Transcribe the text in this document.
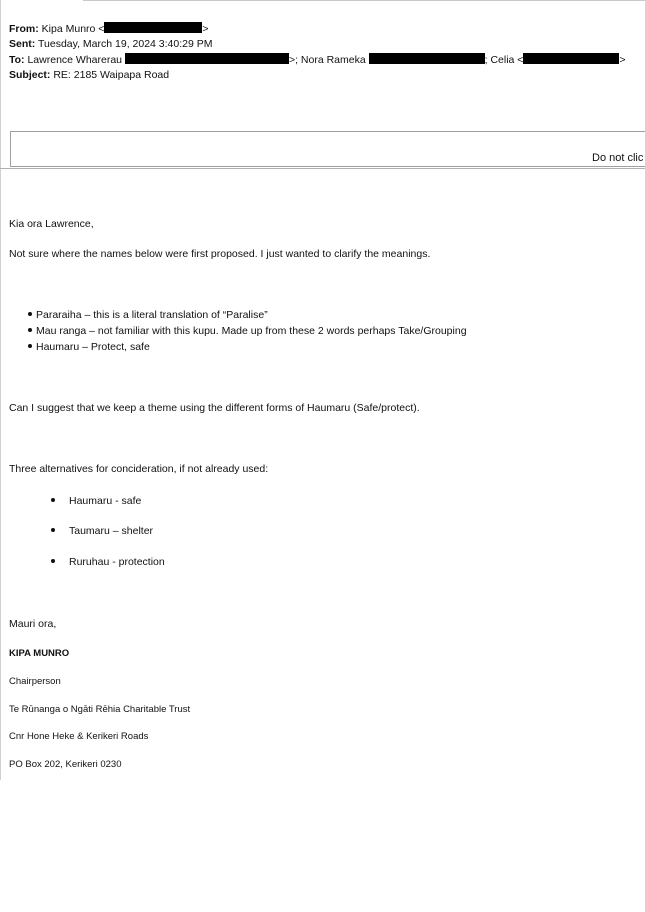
From: Kipa Munro <	>
Sent: Tuesday, March 19, 2024 3:40:29 PM
To: Lawrence Wharerau	>; Nora Rameka	; Celia <	>
Subject: RE: 2185 Waipapa Road
Do not clic
Kia ora Lawrence,
Not sure where the names below were first proposed. I just wanted to clarify the meanings.
Pararaiha – this is a literal translation of “Paralise”
Mau ranga – not familiar with this kupu. Made up from these 2 words perhaps Take/Grouping
Haumaru – Protect, safe
Can I suggest that we keep a theme using the different forms of Haumaru (Safe/protect).
Three alternatives for concideration, if not already used:
Haumaru - safe
Taumaru – shelter
Ruruhau - protection
Mauri ora,
KIPA MUNRO
Chairperson
Te Rūnanga o Ngāti Rēhia Charitable Trust
Cnr Hone Heke & Kerikeri Roads
PO Box 202, Kerikeri 0230
